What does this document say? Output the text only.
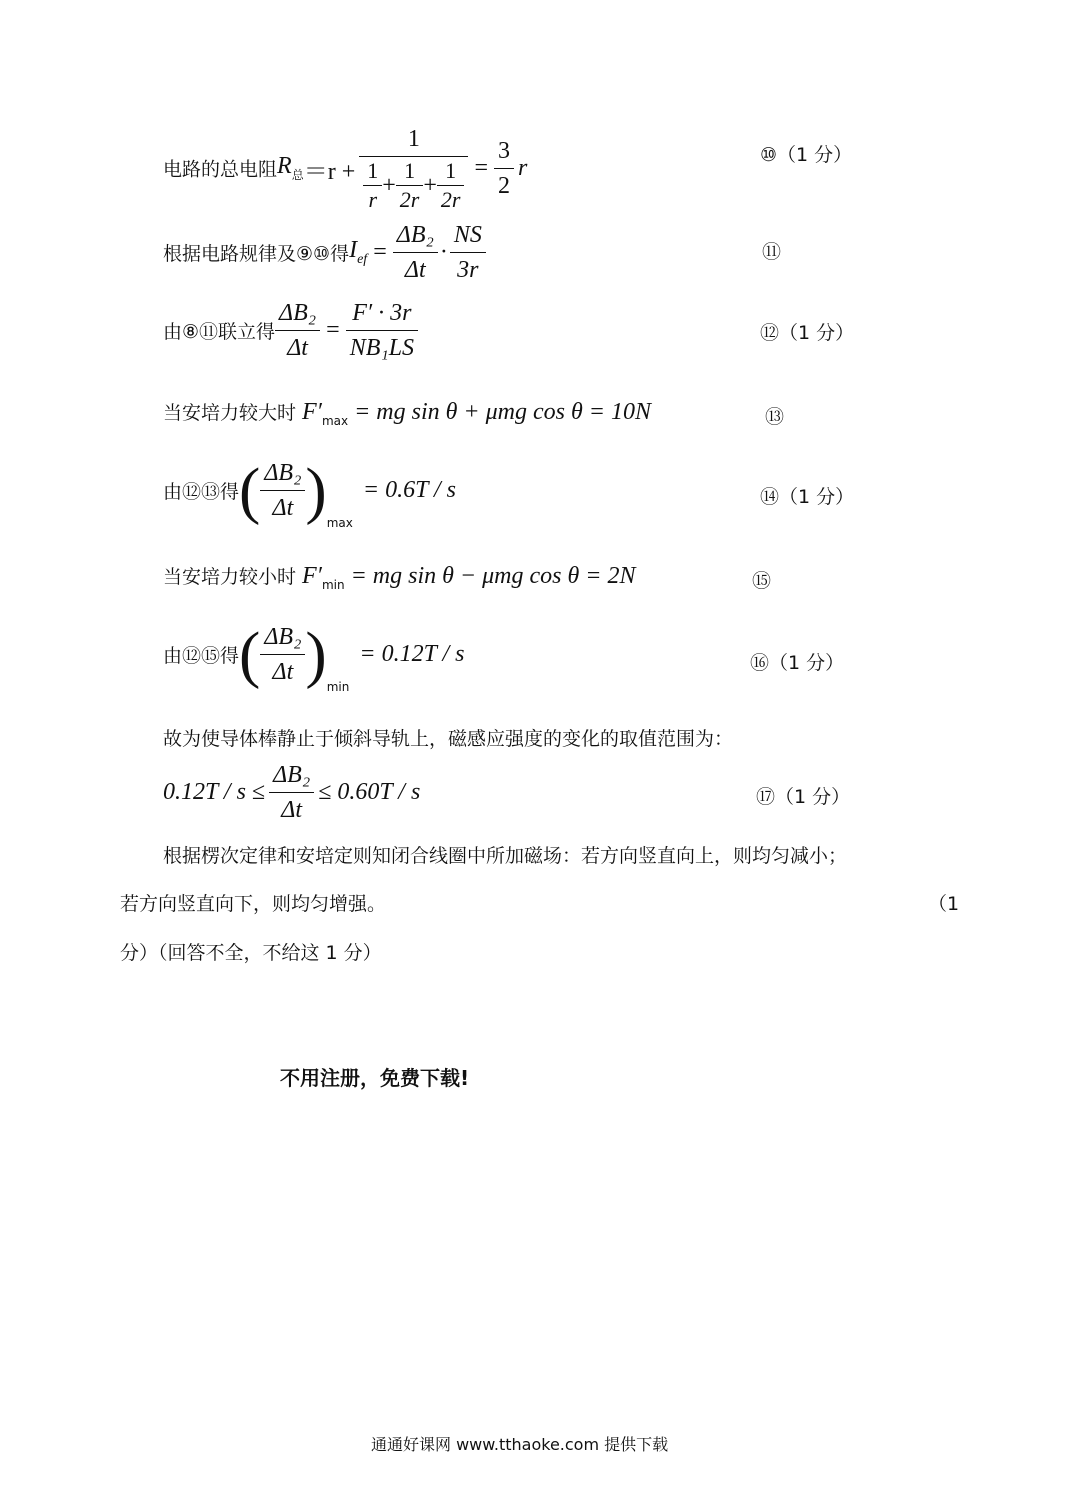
电路的总电阻$R_总=r + \frac{1}{\frac{1}{r} + \frac{1}{2r} + \frac{1}{2r}} = \frac{3}{2}$ r	⑩（1 分）
根据电路规律及⑨⑩得$I_{ef} = \frac{\text{ΔB₂}}{\Delta t} \cdot \frac{NS}{3r}$	⑪
由⑧⑪联立得 $\frac{\text{ΔB₂}}{\Delta t} = \frac{F' \cdot 3r}{\text{NB₁LS}}$	⑫（1 分）
当安培力较大时 $F'_{max}$ = mg sin θ + μmg cos θ = 10N	⑬
由⑫⑬得( $\frac{\text{ΔB₂}}{\Delta t} )_{max}= 0.6T / s$	⑭（1 分）
当安培力较小时 $F'_{min}$ = mg sin θ − μmg cos θ = 2N	⑮
由⑫⑮得( $\frac{\text{ΔB₂}}{\Delta t} )_{min}= 0.12T / s$	⑯（1 分）
故为使导体棒静止于倾斜导轨上，磁感应强度的变化的取值范围为：
$0.12T / s \le \frac{\text{ΔB₂}}{\Delta t} \le 0.60T / s$	⑰（1 分）
根据楞次定律和安培定则知闭合线圈中所加磁场：若方向竖直向上，则均匀减小；
若方向竖直向下，则均匀增强。	（1
分）（回答不全，不给这 1 分）
不用注册，免费下载!
通通好课网 www.tthaoke.com 提供下载
